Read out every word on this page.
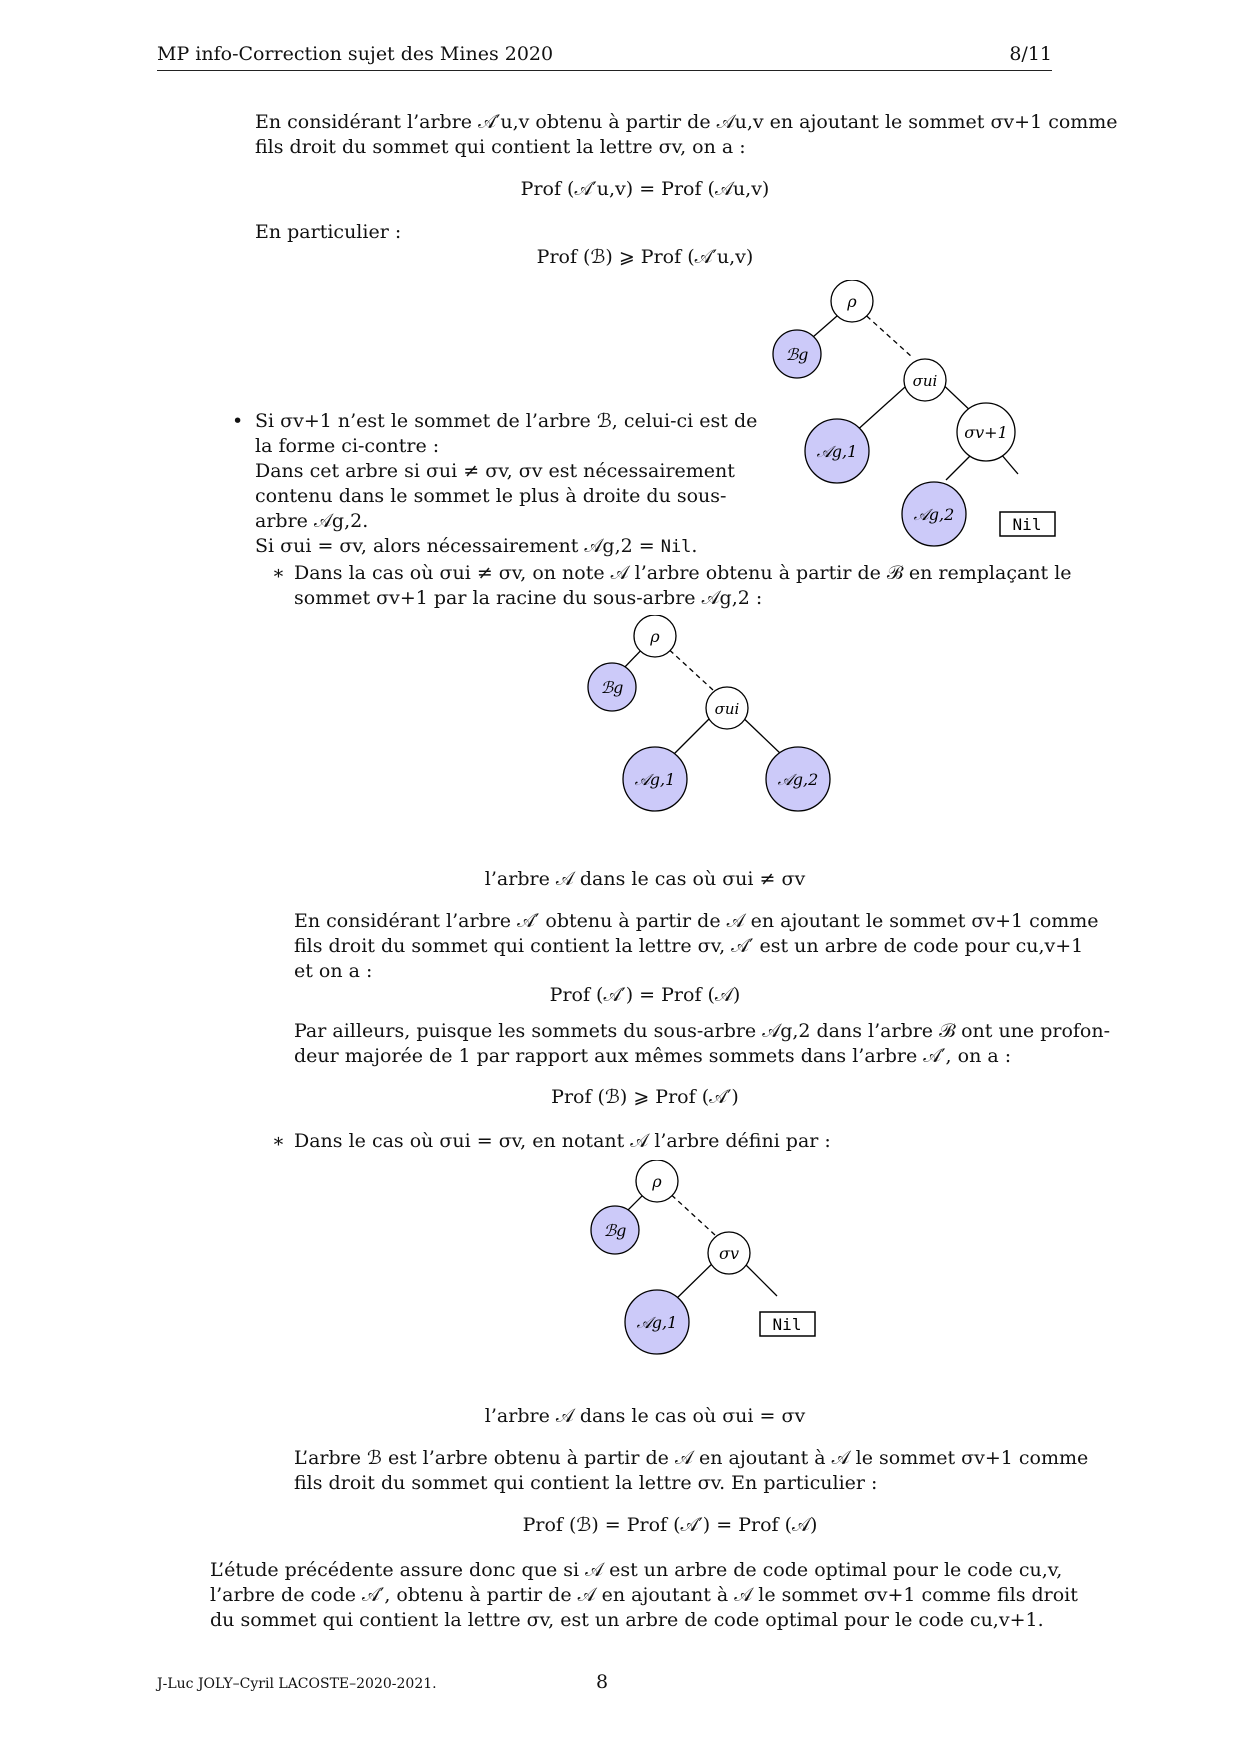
MP info-Correction sujet des Mines 2020	8/11
En considérant l’arbre 𝒜′u,v obtenu à partir de 𝒜u,v en ajoutant le sommet σv+1 comme
fils droit du sommet qui contient la lettre σv, on a :
Prof (𝒜′u,v) = Prof (𝒜u,v)
En particulier :
Prof (ℬ) ⩾ Prof (𝒜′u,v)
ρ
ℬg
σui
𝒜g,1
σv+1
𝒜g,2
Nil
• Si σv+1 n’est le sommet de l’arbre ℬ, celui-ci est de
la forme ci-contre :
Dans cet arbre si σui ≠ σv, σv est nécessairement
contenu dans le sommet le plus à droite du sous-
arbre 𝒜g,2.
Si σui = σv, alors nécessairement 𝒜g,2 = Nil.
∗ Dans la cas où σui ≠ σv, on note 𝒜 l’arbre obtenu à partir de ℬ en remplaçant le
sommet σv+1 par la racine du sous-arbre 𝒜g,2 :
ρ
ℬg
σui
𝒜g,1	𝒜g,2
l’arbre 𝒜 dans le cas où σui ≠ σv
En considérant l’arbre 𝒜′ obtenu à partir de 𝒜 en ajoutant le sommet σv+1 comme
fils droit du sommet qui contient la lettre σv, 𝒜′ est un arbre de code pour cu,v+1
et on a :
Prof (𝒜′) = Prof (𝒜)
Par ailleurs, puisque les sommets du sous-arbre 𝒜g,2 dans l’arbre ℬ ont une profon-
deur majorée de 1 par rapport aux mêmes sommets dans l’arbre 𝒜′, on a :
Prof (ℬ) ⩾ Prof (𝒜′)
∗ Dans le cas où σui = σv, en notant 𝒜 l’arbre défini par :
ρ
ℬg
σv
𝒜g,1	Nil
l’arbre 𝒜 dans le cas où σui = σv
L’arbre ℬ est l’arbre obtenu à partir de 𝒜 en ajoutant à 𝒜 le sommet σv+1 comme
fils droit du sommet qui contient la lettre σv. En particulier :
Prof (ℬ) = Prof (𝒜′) = Prof (𝒜)
L’étude précédente assure donc que si 𝒜 est un arbre de code optimal pour le code cu,v,
l’arbre de code 𝒜′, obtenu à partir de 𝒜 en ajoutant à 𝒜 le sommet σv+1 comme fils droit
du sommet qui contient la lettre σv, est un arbre de code optimal pour le code cu,v+1.
J-Luc JOLY–Cyril LACOSTE–2020-2021.	8
